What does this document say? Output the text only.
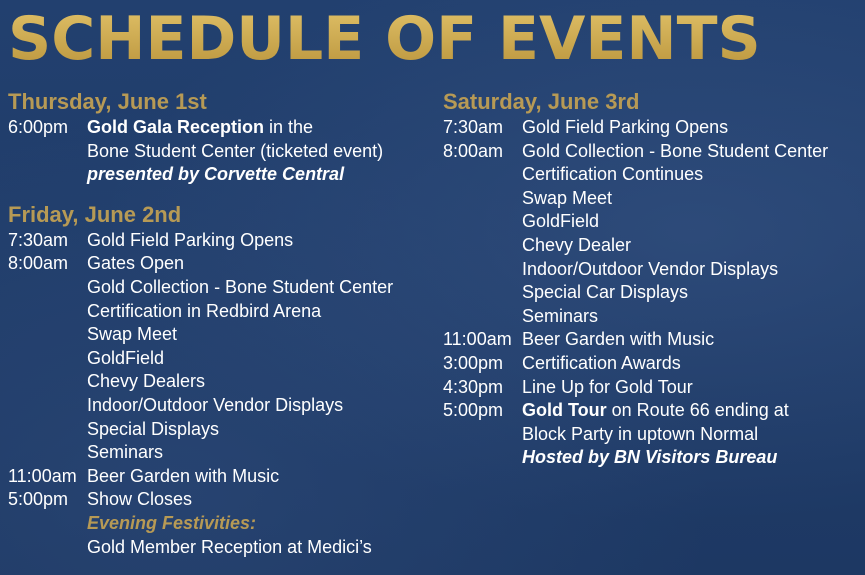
SCHEDULE OF EVENTS
Thursday, June 1st
6:00pm	Gold Gala Reception in the
Bone Student Center (ticketed event)
presented by Corvette Central
Friday, June 2nd
7:30am	Gold Field Parking Opens
8:00am	Gates Open
Gold Collection - Bone Student Center
Certification in Redbird Arena
Swap Meet
GoldField
Chevy Dealers
Indoor/Outdoor Vendor Displays
Special Displays
Seminars
11:00am Beer Garden with Music
5:00pm	Show Closes
Evening Festivities:
Gold Member Reception at Medici’s
Saturday, June 3rd
7:30am	Gold Field Parking Opens
8:00am	Gold Collection - Bone Student Center
Certification Continues
Swap Meet
GoldField
Chevy Dealer
Indoor/Outdoor Vendor Displays
Special Car Displays
Seminars
11:00am Beer Garden with Music
3:00pm	Certification Awards
4:30pm	Line Up for Gold Tour
5:00pm	Gold Tour on Route 66 ending at
Block Party in uptown Normal
Hosted by BN Visitors Bureau
